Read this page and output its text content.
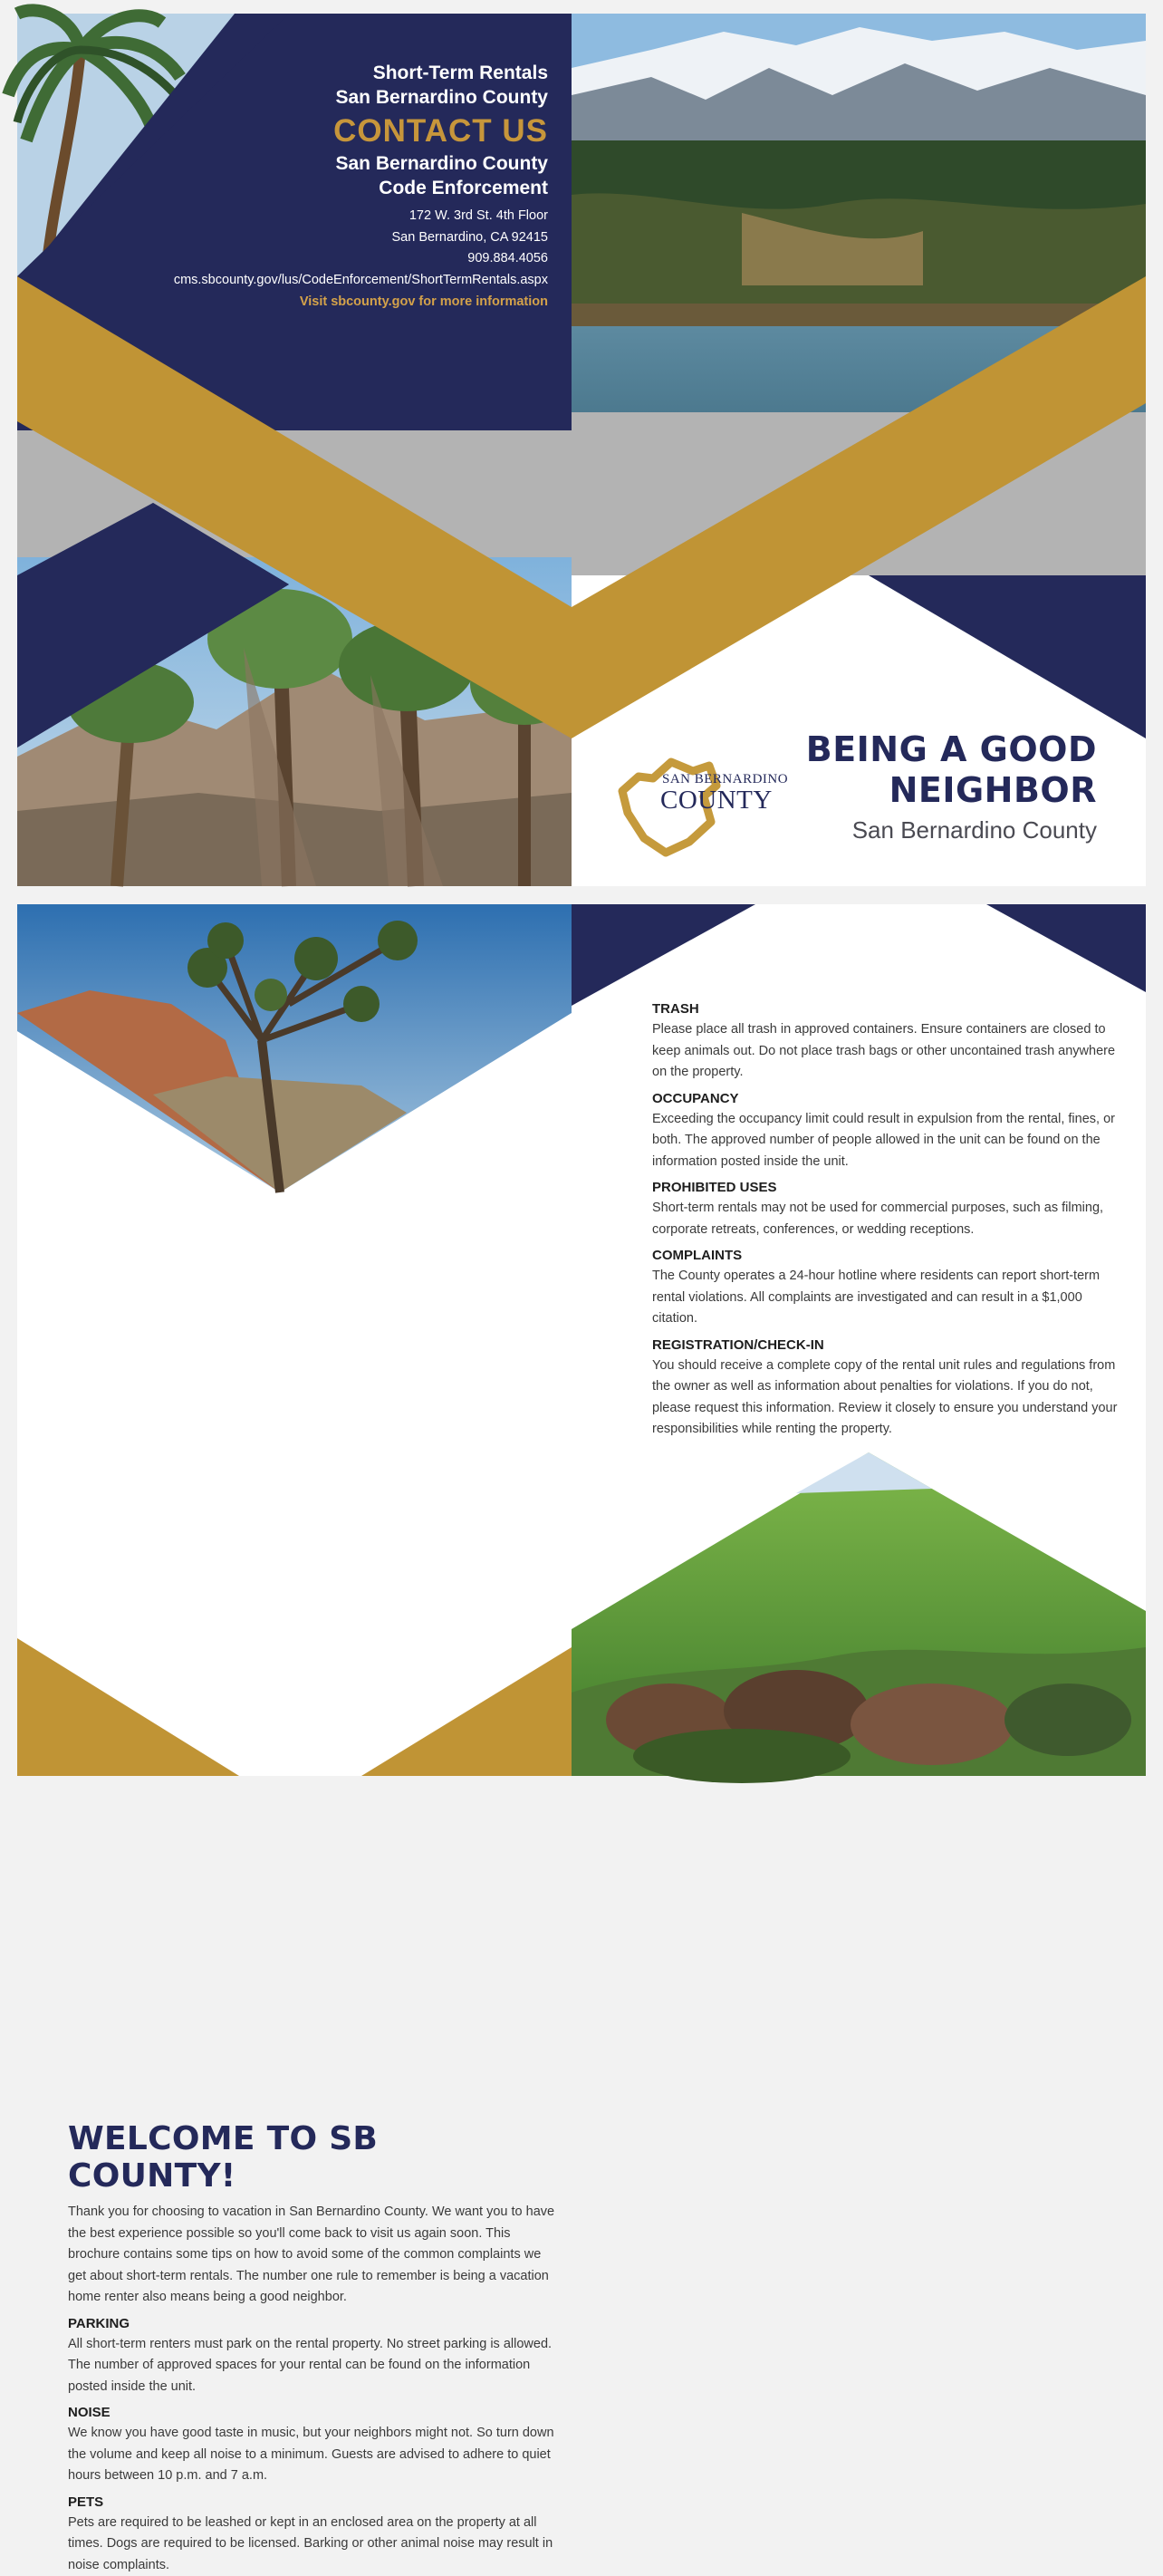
Short-Term Rentals
San Bernardino County
CONTACT US
San Bernardino County
Code Enforcement
172 W. 3rd St. 4th Floor
San Bernardino, CA 92415
909.884.4056
cms.sbcounty.gov/lus/CodeEnforcement/ShortTermRentals.aspx
Visit sbcounty.gov for more information
SAN BERNARDINO
COUNTY
BEING A GOOD
NEIGHBOR
San Bernardino County
WELCOME TO SB COUNTY!

Thank you for choosing to vacation in San Bernardino County. We want you to have the best experience possible so you'll come back to visit us again soon. This brochure contains some tips on how to avoid some of the common complaints we get about short-term rentals. The number one rule to remember is being a vacation home renter also means being a good neighbor.

PARKING

All short-term renters must park on the rental property. No street parking is allowed. The number of approved spaces for your rental can be found on the information posted inside the unit.

NOISE

We know you have good taste in music, but your neighbors might not. So turn down the volume and keep all noise to a minimum. Guests are advised to adhere to quiet hours between 10 p.m. and 7 a.m.

PETS

Pets are required to be leashed or kept in an enclosed area on the property at all times. Dogs are required to be licensed. Barking or other animal noise may result in noise complaints.

TRASH

Please place all trash in approved containers. Ensure containers are closed to keep animals out. Do not place trash bags or other uncontained trash anywhere on the property.

OCCUPANCY

Exceeding the occupancy limit could result in expulsion from the rental, fines, or both. The approved number of people allowed in the unit can be found on the information posted inside the unit.

PROHIBITED USES

Short-term rentals may not be used for commercial purposes, such as filming, corporate retreats, conferences, or wedding receptions.

COMPLAINTS

The County operates a 24-hour hotline where residents can report short-term rental violations. All complaints are investigated and can result in a $1,000 citation.

REGISTRATION/CHECK-IN

You should receive a complete copy of the rental unit rules and regulations from the owner as well as information about penalties for violations. If you do not, please request this information. Review it closely to ensure you understand your responsibilities while renting the property.
